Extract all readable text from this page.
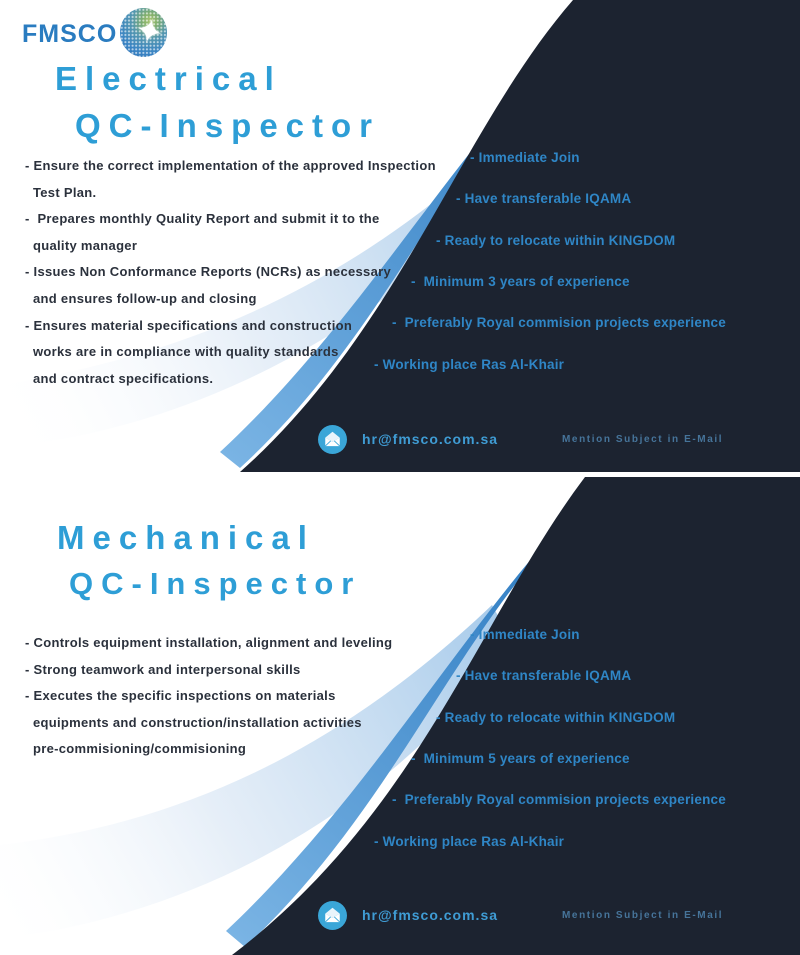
FMSCO ✦
Electrical
QC-Inspector
- Ensure the correct implementation of the approved Inspection
Test Plan.
-  Prepares monthly Quality Report and submit it to the
quality manager
- Issues Non Conformance Reports (NCRs) as necessary
and ensures follow-up and closing
- Ensures material specifications and construction
works are in compliance with quality standards
and contract specifications.
- Immediate Join
- Have transferable IQAMA
- Ready to relocate within KINGDOM
-  Minimum 3 years of experience
-  Preferably Royal commision projects experience
- Working place Ras Al-Khair
hr@fmsco.com.sa	Mention Subject in E-Mail
Mechanical
QC-Inspector
- Controls equipment installation, alignment and leveling
- Strong teamwork and interpersonal skills
- Executes the specific inspections on materials
equipments and construction/installation activities
pre-commisioning/commisioning
- Immediate Join
- Have transferable IQAMA
- Ready to relocate within KINGDOM
-  Minimum 5 years of experience
-  Preferably Royal commision projects experience
- Working place Ras Al-Khair
hr@fmsco.com.sa	Mention Subject in E-Mail
